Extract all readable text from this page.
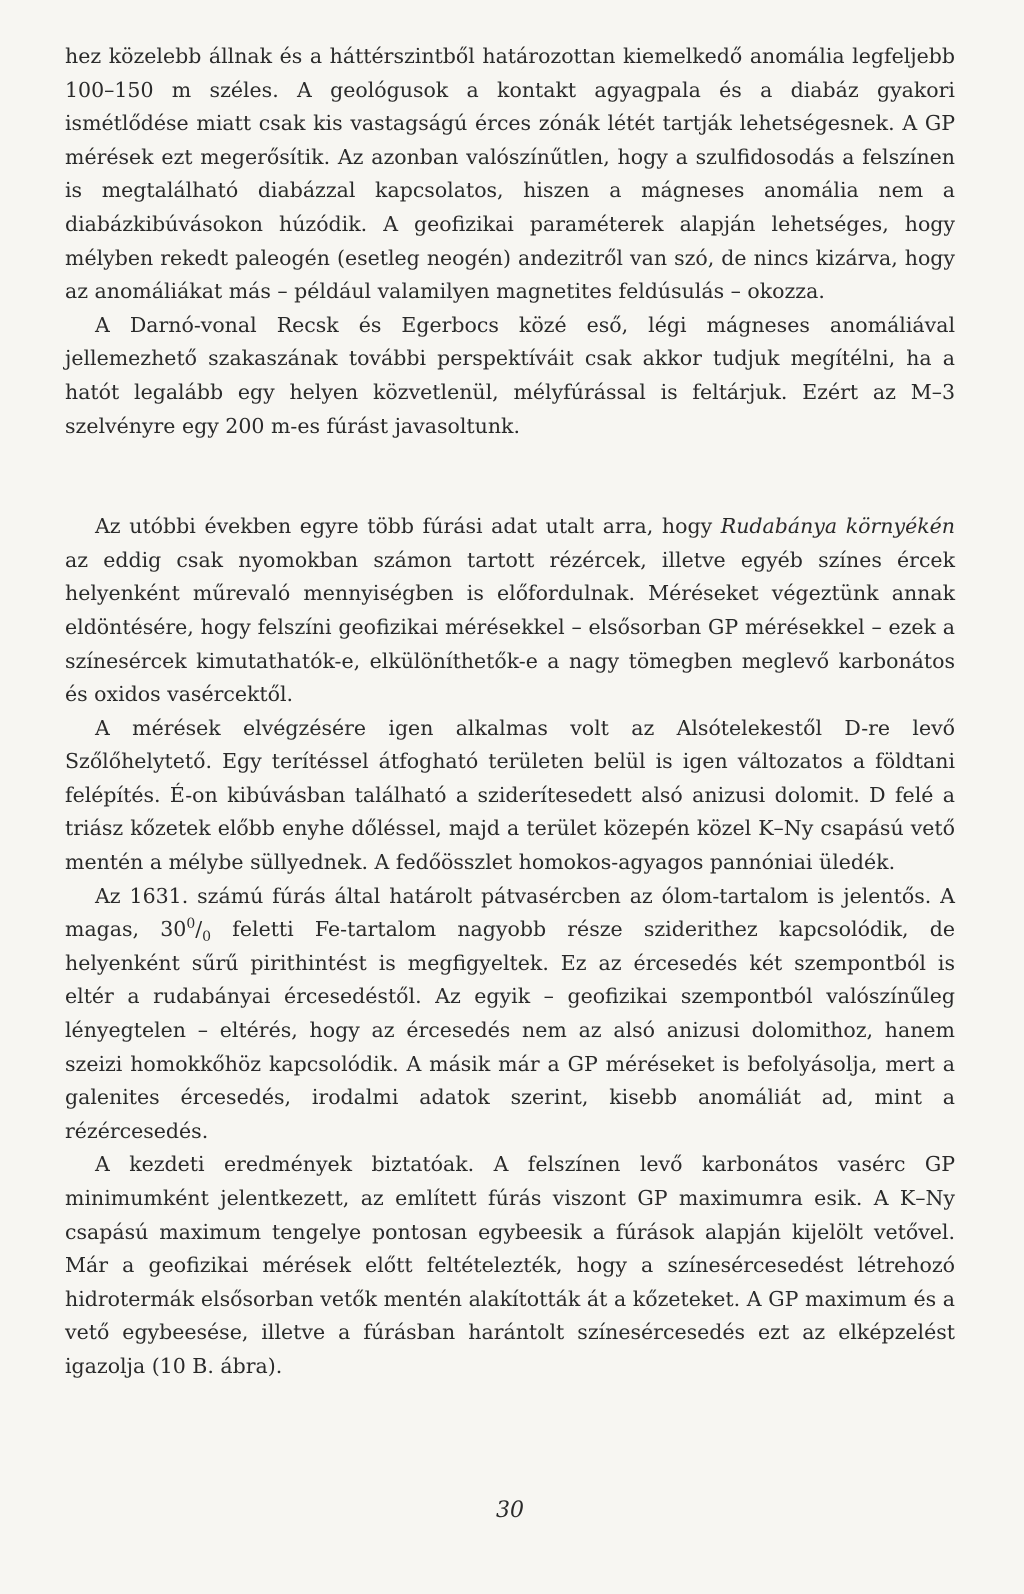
hez közelebb állnak és a háttérszintből határozottan kiemelkedő anomália legfeljebb 100–150 m széles. A geológusok a kontakt agyagpala és a diabáz gyakori ismétlődése miatt csak kis vastagságú érces zónák létét tartják lehetségesnek. A GP mérések ezt megerősítik. Az azonban valószínűtlen, hogy a szulfidosodás a felszínen is megtalálható diabázzal kapcsolatos, hiszen a mágneses anomália nem a diabázkibúvásokon húzódik. A geofizikai paraméterek alapján lehetséges, hogy mélyben rekedt paleogén (esetleg neogén) andezitről van szó, de nincs kizárva, hogy az anomáliákat más – például valamilyen magnetites feldúsulás – okozza.

A Darnó-vonal Recsk és Egerbocs közé eső, légi mágneses anomáliával jellemezhető szakaszának további perspektíváit csak akkor tudjuk megítélni, ha a hatót legalább egy helyen közvetlenül, mélyfúrással is feltárjuk. Ezért az M–3 szelvényre egy 200 m-es fúrást javasoltunk.

Az utóbbi években egyre több fúrási adat utalt arra, hogy Rudabánya környékén az eddig csak nyomokban számon tartott rézércek, illetve egyéb színes ércek helyenként műrevaló mennyiségben is előfordulnak. Méréseket végeztünk annak eldöntésére, hogy felszíni geofizikai mérésekkel – elsősorban GP mérésekkel – ezek a színesércek kimutathatók-e, elkülöníthetők-e a nagy tömegben meglevő karbonátos és oxidos vasércektől.

A mérések elvégzésére igen alkalmas volt az Alsótelekestől D-re levő Szőlőhelytető. Egy terítéssel átfogható területen belül is igen változatos a földtani felépítés. É-on kibúvásban található a sziderítesedett alsó anizusi dolomit. D felé a triász kőzetek előbb enyhe dőléssel, majd a terület közepén közel K–Ny csapású vető mentén a mélybe süllyednek. A fedőösszlet homokos-agyagos pannóniai üledék.

Az 1631. számú fúrás által határolt pátvasércben az ólom-tartalom is jelentős. A magas, $30^0/_0$ feletti Fe-tartalom nagyobb része sziderithez kapcsolódik, de helyenként sűrű pirithintést is megfigyeltek. Ez az ércesedés két szempontból is eltér a rudabányai ércesedéstől. Az egyik – geofizikai szempontból valószínűleg lényegtelen – eltérés, hogy az ércesedés nem az alsó anizusi dolomithoz, hanem szeizi homokkőhöz kapcsolódik. A másik már a GP méréseket is befolyásolja, mert a galenites ércesedés, irodalmi adatok szerint, kisebb anomáliát ad, mint a rézércesedés.

A kezdeti eredmények biztatóak. A felszínen levő karbonátos vasérc GP minimumként jelentkezett, az említett fúrás viszont GP maximumra esik. A K–Ny csapású maximum tengelye pontosan egybeesik a fúrások alapján kijelölt vetővel. Már a geofizikai mérések előtt feltételezték, hogy a színesércesedést létrehozó hidrotermák elsősorban vetők mentén alakították át a kőzeteket. A GP maximum és a vető egybeesése, illetve a fúrásban harántolt színesércesedés ezt az elképzelést igazolja (10 B. ábra).

30
